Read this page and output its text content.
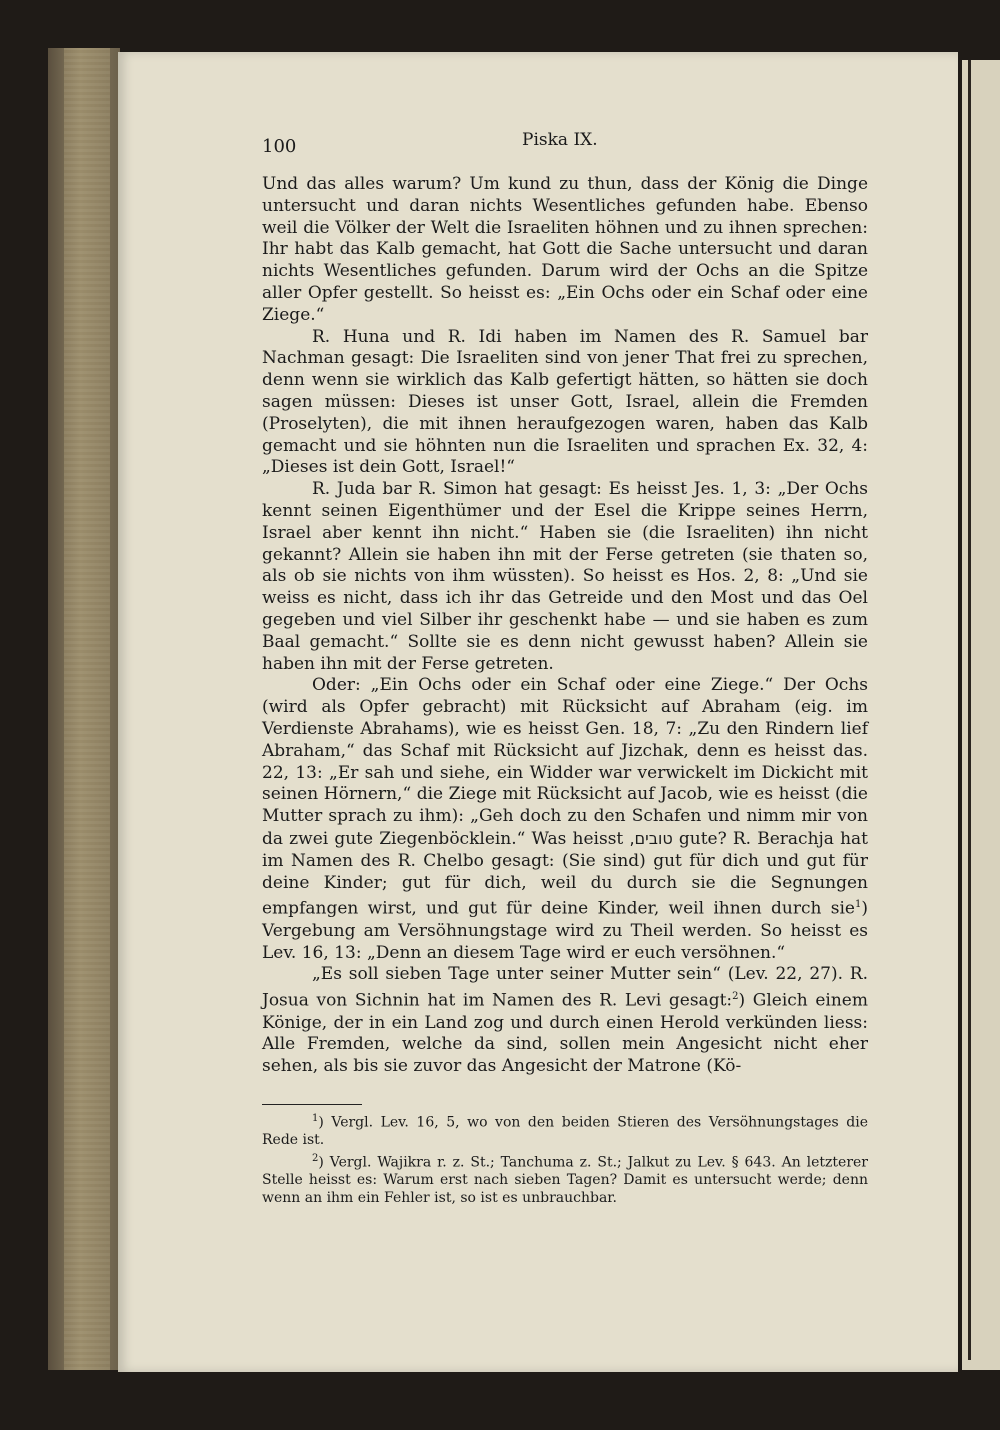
100	Piska IX.

Und das alles warum? Um kund zu thun, dass der König die Dinge untersucht und daran nichts Wesentliches gefunden habe. Ebenso weil die Völker der Welt die Israeliten höhnen und zu ihnen sprechen: Ihr habt das Kalb gemacht, hat Gott die Sache untersucht und daran nichts Wesentliches gefunden. Darum wird der Ochs an die Spitze aller Opfer gestellt. So heisst es: „Ein Ochs oder ein Schaf oder eine Ziege.“

R. Huna und R. Idi haben im Namen des R. Samuel bar Nachman gesagt: Die Israeliten sind von jener That frei zu sprechen, denn wenn sie wirklich das Kalb gefertigt hätten, so hätten sie doch sagen müssen: Dieses ist unser Gott, Israel, allein die Fremden (Proselyten), die mit ihnen heraufgezogen waren, haben das Kalb gemacht und sie höhnten nun die Israeliten und sprachen Ex. 32, 4: „Dieses ist dein Gott, Israel!“

R. Juda bar R. Simon hat gesagt: Es heisst Jes. 1, 3: „Der Ochs kennt seinen Eigenthümer und der Esel die Krippe seines Herrn, Israel aber kennt ihn nicht.“ Haben sie (die Israeliten) ihn nicht gekannt? Allein sie haben ihn mit der Ferse getreten (sie thaten so, als ob sie nichts von ihm wüssten). So heisst es Hos. 2, 8: „Und sie weiss es nicht, dass ich ihr das Getreide und den Most und das Oel gegeben und viel Silber ihr geschenkt habe — und sie haben es zum Baal gemacht.“ Sollte sie es denn nicht gewusst haben? Allein sie haben ihn mit der Ferse getreten.

Oder: „Ein Ochs oder ein Schaf oder eine Ziege.“ Der Ochs (wird als Opfer gebracht) mit Rücksicht auf Abraham (eig. im Verdienste Abrahams), wie es heisst Gen. 18, 7: „Zu den Rindern lief Abraham,“ das Schaf mit Rücksicht auf Jizchak, denn es heisst das. 22, 13: „Er sah und siehe, ein Widder war verwickelt im Dickicht mit seinen Hörnern,“ die Ziege mit Rücksicht auf Jacob, wie es heisst (die Mutter sprach zu ihm): „Geh doch zu den Schafen und nimm mir von da zwei gute Ziegenböcklein.“ Was heisst טובים, gute? R. Berachja hat im Namen des R. Chelbo gesagt: (Sie sind) gut für dich und gut für deine Kinder; gut für dich, weil du durch sie die Segnungen empfangen wirst, und gut für deine Kinder, weil ihnen durch sie$^1$) Vergebung am Versöhnungstage wird zu Theil werden. So heisst es Lev. 16, 13: „Denn an diesem Tage wird er euch versöhnen.“

„Es soll sieben Tage unter seiner Mutter sein“ (Lev. 22, 27). R. Josua von Sichnin hat im Namen des R. Levi gesagt:$^2$) Gleich einem Könige, der in ein Land zog und durch einen Herold verkünden liess: Alle Fremden, welche da sind, sollen mein Angesicht nicht eher sehen, als bis sie zuvor das Angesicht der Matrone (Kö-

$^1$) Vergl. Lev. 16, 5, wo von den beiden Stieren des Versöhnungstages die Rede ist.

$^2$) Vergl. Wajikra r. z. St.; Tanchuma z. St.; Jalkut zu Lev. § 643. An letzterer Stelle heisst es: Warum erst nach sieben Tagen? Damit es untersucht werde; denn wenn an ihm ein Fehler ist, so ist es unbrauchbar.
